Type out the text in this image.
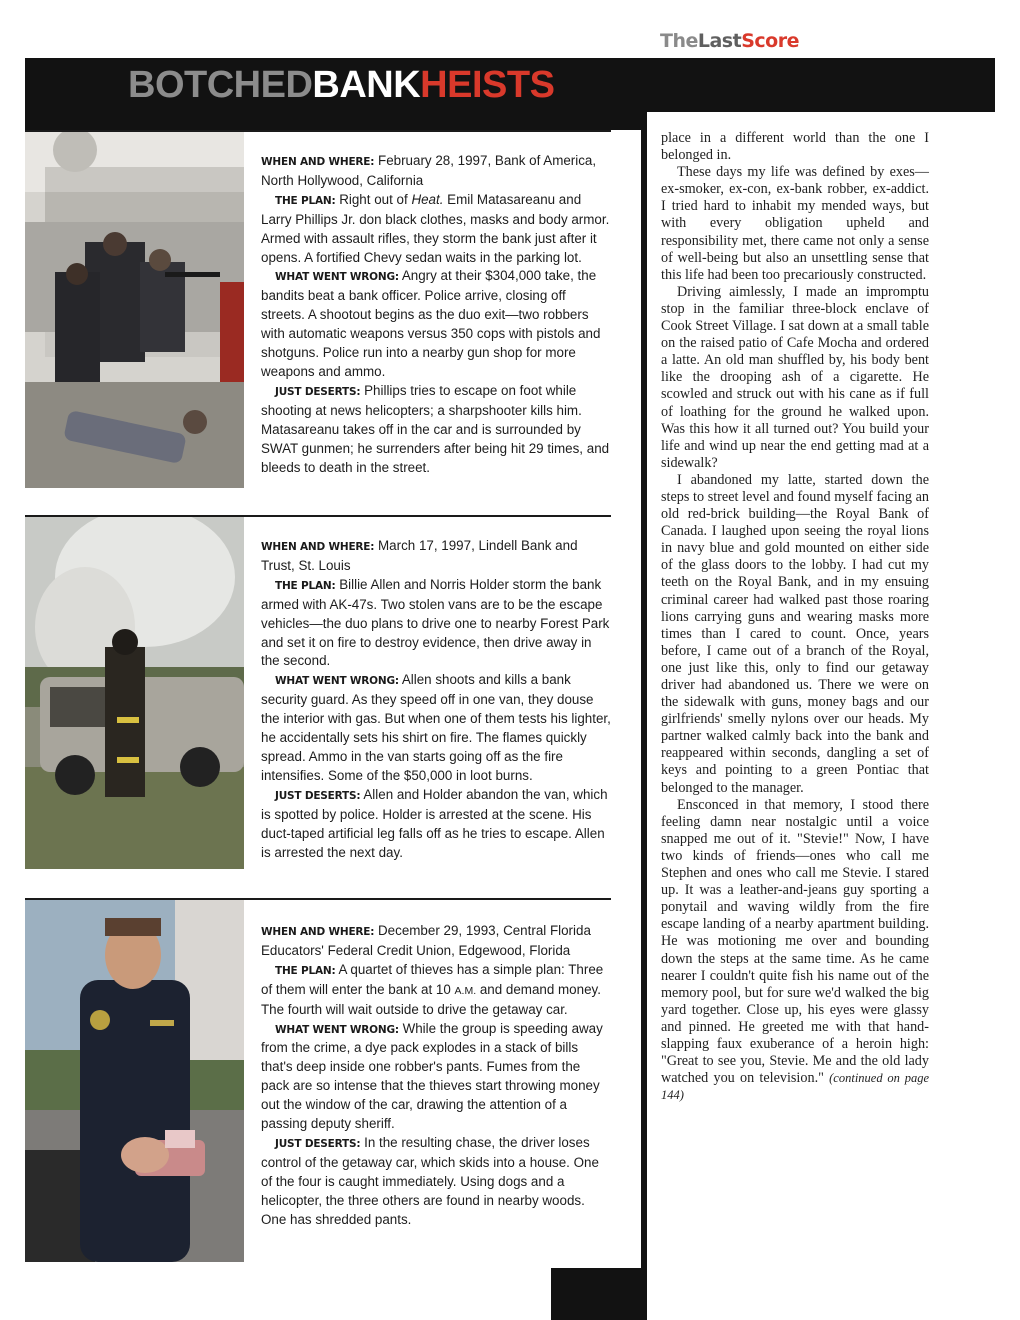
TheLastScore
BOTCHEDBANKHEISTS

WHEN AND WHERE: February 28, 1997, Bank of America, North Hollywood, California

THE PLAN: Right out of Heat. Emil Matasareanu and Larry Phillips Jr. don black clothes, masks and body armor. Armed with assault rifles, they storm the bank just after it opens. A fortified Chevy sedan waits in the parking lot.

WHAT WENT WRONG: Angry at their $304,000 take, the bandits beat a bank officer. Police arrive, closing off streets. A shootout begins as the duo exit—two robbers with automatic weapons versus 350 cops with pistols and shotguns. Police run into a nearby gun shop for more weapons and ammo.

JUST DESERTS: Phillips tries to escape on foot while shooting at news helicopters; a sharpshooter kills him. Matasareanu takes off in the car and is surrounded by SWAT gunmen; he surrenders after being hit 29 times, and bleeds to death in the street.

WHEN AND WHERE: March 17, 1997, Lindell Bank and Trust, St. Louis

THE PLAN: Billie Allen and Norris Holder storm the bank armed with AK-47s. Two stolen vans are to be the escape vehicles—the duo plans to drive one to nearby Forest Park and set it on fire to destroy evidence, then drive away in the second.

WHAT WENT WRONG: Allen shoots and kills a bank security guard. As they speed off in one van, they douse the interior with gas. But when one of them tests his lighter, he accidentally sets his shirt on fire. The flames quickly spread. Ammo in the van starts going off as the fire intensifies. Some of the $50,000 in loot burns.

JUST DESERTS: Allen and Holder abandon the van, which is spotted by police. Holder is arrested at the scene. His duct-taped artificial leg falls off as he tries to escape. Allen is arrested the next day.

WHEN AND WHERE: December 29, 1993, Central Florida Educators' Federal Credit Union, Edgewood, Florida

THE PLAN: A quartet of thieves has a simple plan: Three of them will enter the bank at 10 A.M. and demand money. The fourth will wait outside to drive the getaway car.

WHAT WENT WRONG: While the group is speeding away from the crime, a dye pack explodes in a stack of bills that's deep inside one robber's pants. Fumes from the pack are so intense that the thieves start throwing money out the window of the car, drawing the attention of a passing deputy sheriff.

JUST DESERTS: In the resulting chase, the driver loses control of the getaway car, which skids into a house. One of the four is caught immediately. Using dogs and a helicopter, the three others are found in nearby woods. One has shredded pants.

place in a different world than the one I belonged in.

These days my life was defined by exes—ex-smoker, ex-con, ex-bank robber, ex-addict. I tried hard to inhabit my mended ways, but with every obligation upheld and responsibility met, there came not only a sense of well-being but also an unsettling sense that this life had been too precariously constructed.

Driving aimlessly, I made an impromptu stop in the familiar three-block enclave of Cook Street Village. I sat down at a small table on the raised patio of Cafe Mocha and ordered a latte. An old man shuffled by, his body bent like the drooping ash of a cigarette. He scowled and struck out with his cane as if full of loathing for the ground he walked upon. Was this how it all turned out? You build your life and wind up near the end getting mad at a sidewalk?

I abandoned my latte, started down the steps to street level and found myself facing an old red-brick building—the Royal Bank of Canada. I laughed upon seeing the royal lions in navy blue and gold mounted on either side of the glass doors to the lobby. I had cut my teeth on the Royal Bank, and in my ensuing criminal career had walked past those roaring lions carrying guns and wearing masks more times than I cared to count. Once, years before, I came out of a branch of the Royal, one just like this, only to find our getaway driver had abandoned us. There we were on the sidewalk with guns, money bags and our girlfriends' smelly nylons over our heads. My partner walked calmly back into the bank and reappeared within seconds, dangling a set of keys and pointing to a green Pontiac that belonged to the manager.

Ensconced in that memory, I stood there feeling damn near nostalgic until a voice snapped me out of it. "Stevie!" Now, I have two kinds of friends—ones who call me Stephen and ones who call me Stevie. I stared up. It was a leather-and-jeans guy sporting a ponytail and waving wildly from the fire escape landing of a nearby apartment building. He was motioning me over and bounding down the steps at the same time. As he came nearer I couldn't quite fish his name out of the memory pool, but for sure we'd walked the big yard together. Close up, his eyes were glassy and pinned. He greeted me with that hand-slapping faux exuberance of a heroin high: "Great to see you, Stevie. Me and the old lady watched you on television." (continued on page 144)
